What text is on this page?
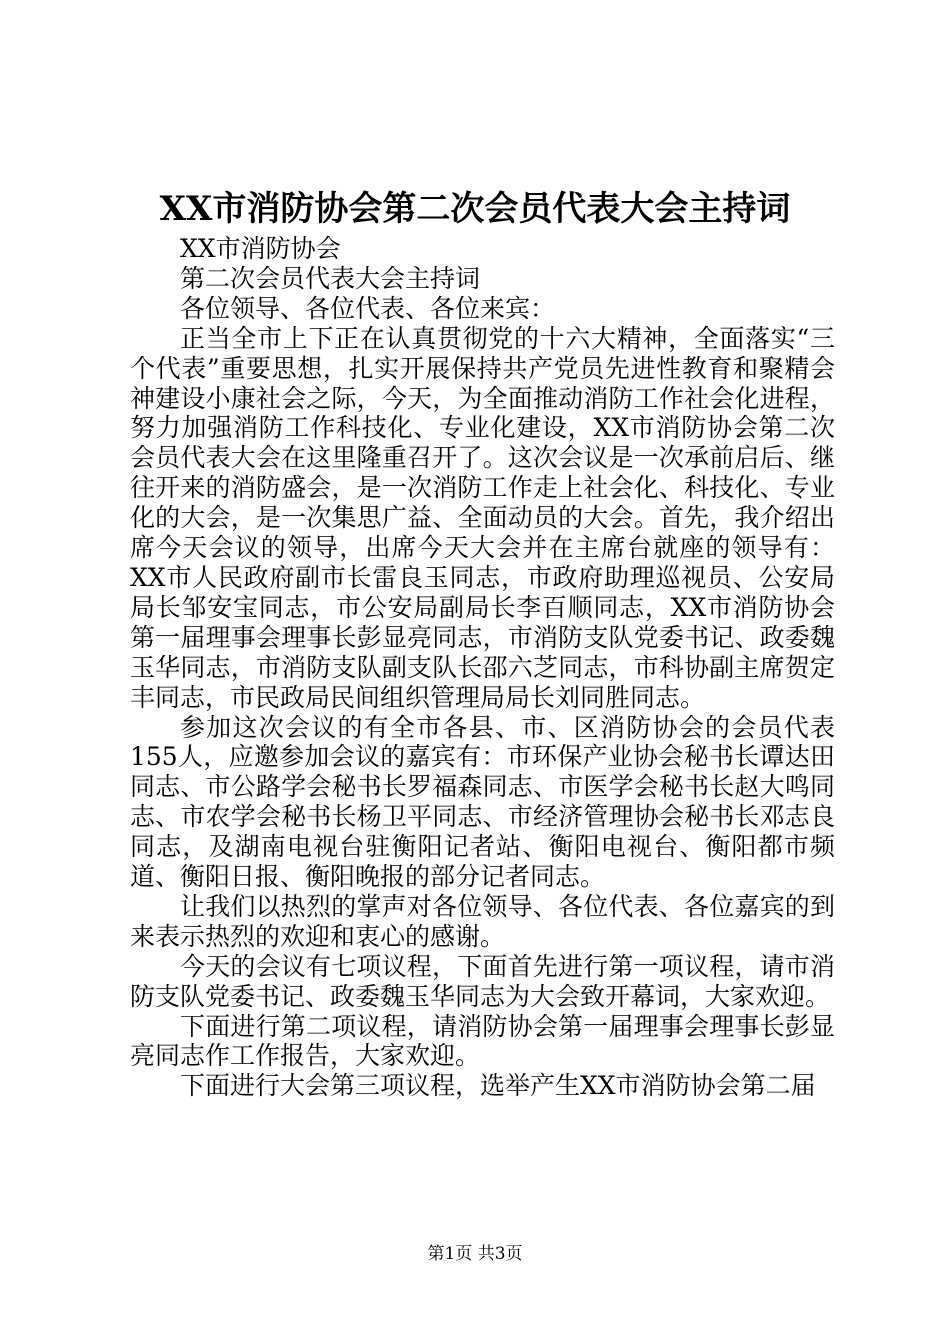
XX市消防协会第二次会员代表大会主持词

XX市消防协会

第二次会员代表大会主持词

各位领导、各位代表、各位来宾：

正当全市上下正在认真贯彻党的十六大精神，全面落实“三个代表”重要思想，扎实开展保持共产党员先进性教育和聚精会神建设小康社会之际，今天，为全面推动消防工作社会化进程，努力加强消防工作科技化、专业化建设，XX市消防协会第二次会员代表大会在这里隆重召开了。这次会议是一次承前启后、继往开来的消防盛会，是一次消防工作走上社会化、科技化、专业化的大会，是一次集思广益、全面动员的大会。首先，我介绍出席今天会议的领导，出席今天大会并在主席台就座的领导有：XX市人民政府副市长雷良玉同志，市政府助理巡视员、公安局局长邹安宝同志，市公安局副局长李百顺同志，XX市消防协会第一届理事会理事长彭显亮同志，市消防支队党委书记、政委魏玉华同志，市消防支队副支队长邵六芝同志，市科协副主席贺定丰同志，市民政局民间组织管理局局长刘同胜同志。

参加这次会议的有全市各县、市、区消防协会的会员代表155人，应邀参加会议的嘉宾有：市环保产业协会秘书长谭达田同志、市公路学会秘书长罗福森同志、市医学会秘书长赵大鸣同志、市农学会秘书长杨卫平同志、市经济管理协会秘书长邓志良同志，及湖南电视台驻衡阳记者站、衡阳电视台、衡阳都市频道、衡阳日报、衡阳晚报的部分记者同志。

让我们以热烈的掌声对各位领导、各位代表、各位嘉宾的到来表示热烈的欢迎和衷心的感谢。

今天的会议有七项议程，下面首先进行第一项议程，请市消防支队党委书记、政委魏玉华同志为大会致开幕词，大家欢迎。

下面进行第二项议程，请消防协会第一届理事会理事长彭显亮同志作工作报告，大家欢迎。

下面进行大会第三项议程，选举产生XX市消防协会第二届

第1页 共3页
